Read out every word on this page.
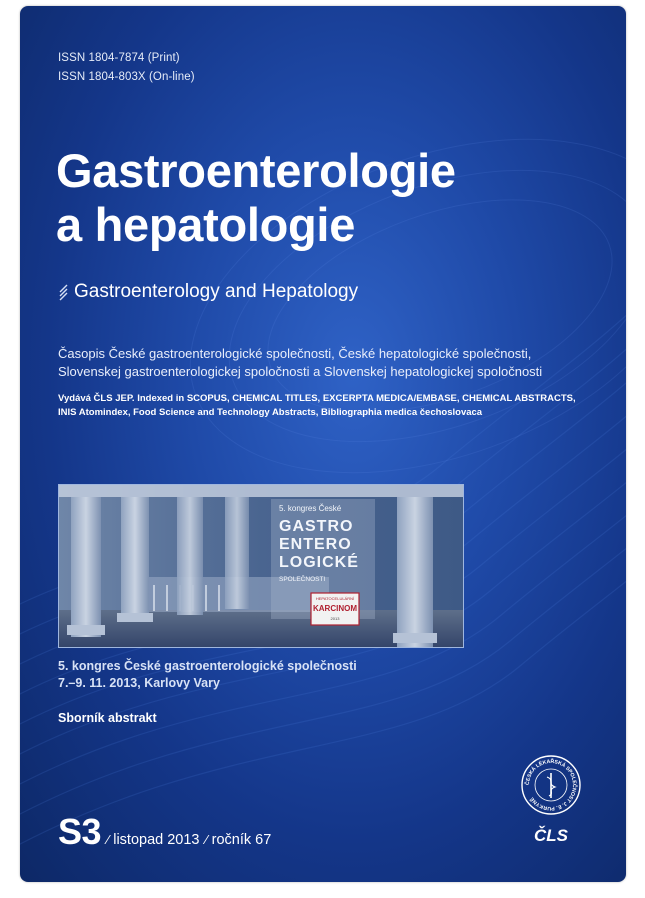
ISSN 1804-7874 (Print)
ISSN 1804-803X (On-line)
Gastroenterologie
a hepatologie
Gastroenterology and Hepatology
Časopis České gastroenterologické společnosti, České hepatologické společnosti,
Slovenskej gastroenterologickej spoločnosti a Slovenskej hepatologickej spoločnosti
Vydává ČLS JEP. Indexed in SCOPUS, CHEMICAL TITLES, EXCERPTA MEDICA/EMBASE, CHEMICAL ABSTRACTS,
INIS Atomindex, Food Science and Technology Abstracts, Bibliographia medica čechoslovaca
5. kongres České
GASTRO
ENTERO
LOGICKÉ
SPOLEČNOSTI
HEPATOCELULÁRNÍ
KARCINOM
2013
5. kongres České gastroenterologické společnosti
7.–9. 11. 2013, Karlovy Vary
Sborník abstrakt
S3 ⁄ listopad 2013 ⁄ ročník 67
ČESKÁ LÉKAŘSKÁ SPOLEČNOST J. E. PURKYNĚ
ČLS
